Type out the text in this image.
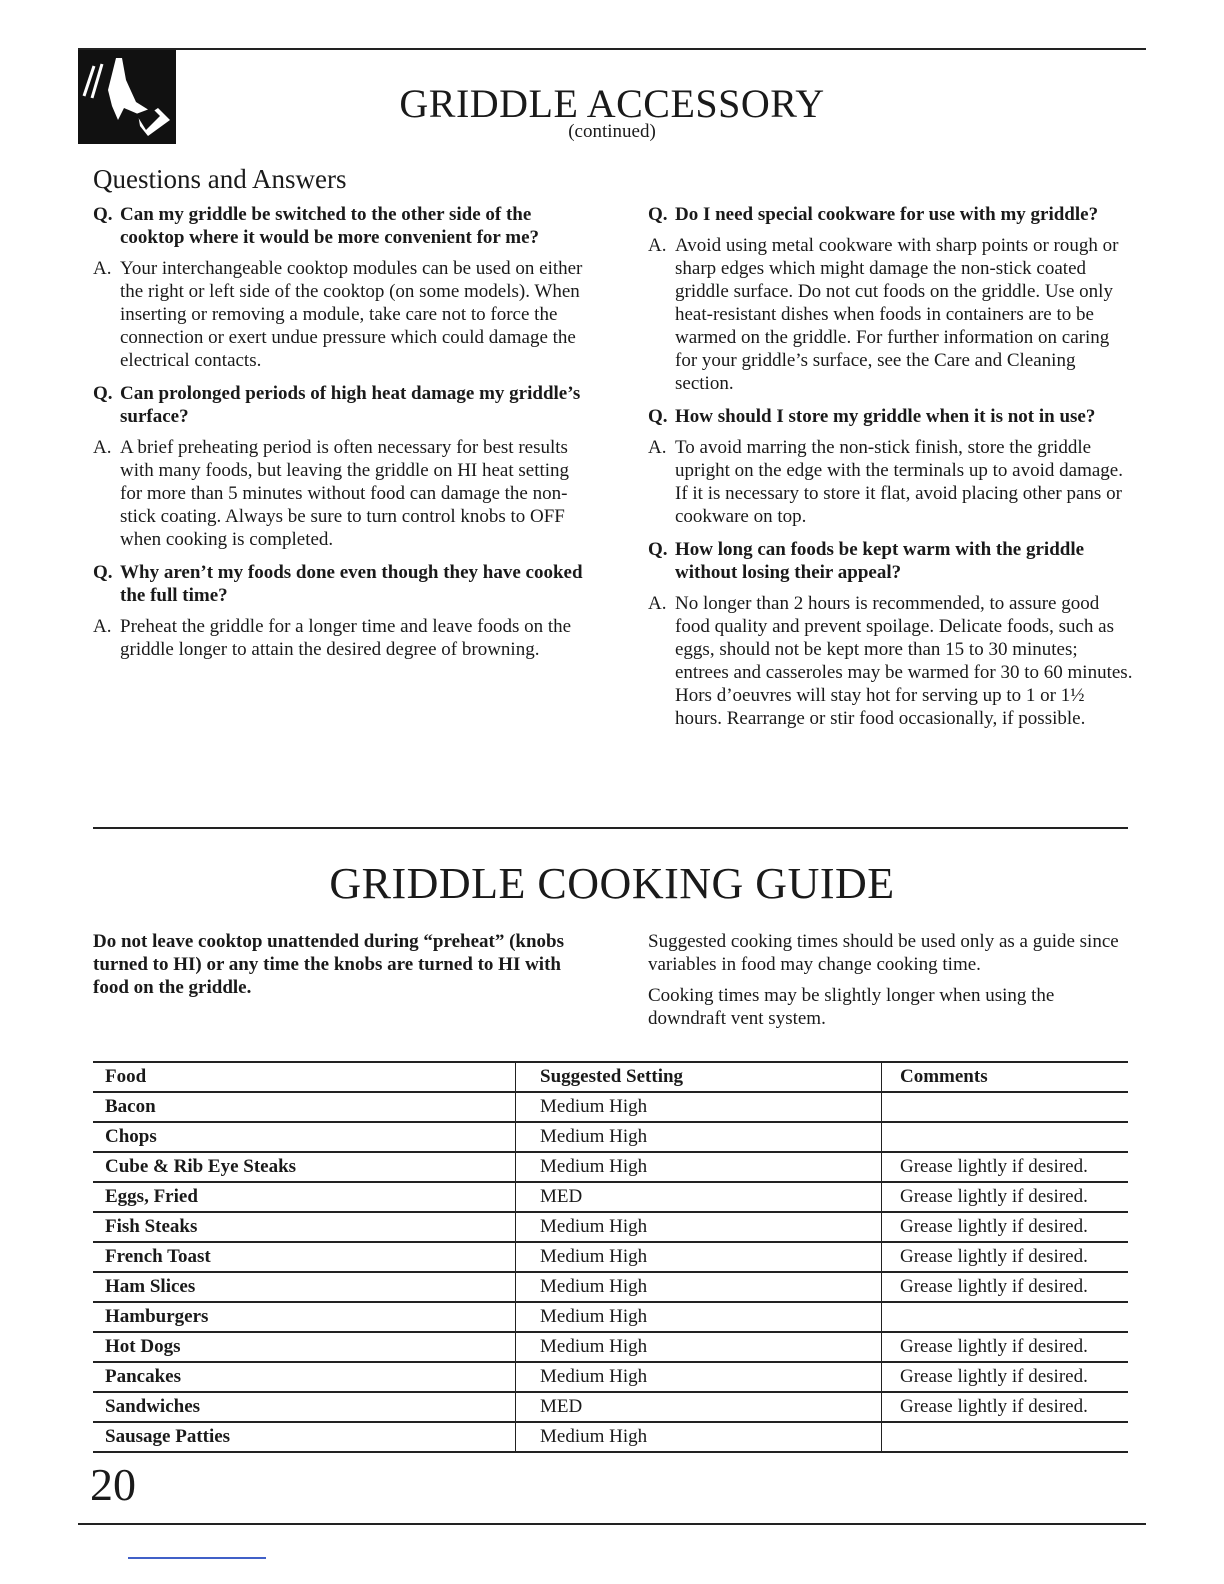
GRIDDLE ACCESSORY
(continued)
Questions and Answers
Q. Can my griddle be switched to the other side of the cooktop where it would be more convenient for me?
A. Your interchangeable cooktop modules can be used on either the right or left side of the cooktop (on some models). When inserting or removing a module, take care not to force the connection or exert undue pressure which could damage the electrical contacts.
Q. Can prolonged periods of high heat damage my griddle’s surface?
A. A brief preheating period is often necessary for best results with many foods, but leaving the griddle on HI heat setting for more than 5 minutes without food can damage the non-stick coating. Always be sure to turn control knobs to OFF when cooking is completed.
Q. Why aren’t my foods done even though they have cooked the full time?
A. Preheat the griddle for a longer time and leave foods on the griddle longer to attain the desired degree of browning.
Q. Do I need special cookware for use with my griddle?
A. Avoid using metal cookware with sharp points or rough or sharp edges which might damage the non-stick coated griddle surface. Do not cut foods on the griddle. Use only heat-resistant dishes when foods in containers are to be warmed on the griddle. For further information on caring for your griddle’s surface, see the Care and Cleaning section.
Q. How should I store my griddle when it is not in use?
A. To avoid marring the non-stick finish, store the griddle upright on the edge with the terminals up to avoid damage. If it is necessary to store it flat, avoid placing other pans or cookware on top.
Q. How long can foods be kept warm with the griddle without losing their appeal?
A. No longer than 2 hours is recommended, to assure good food quality and prevent spoilage. Delicate foods, such as eggs, should not be kept more than 15 to 30 minutes; entrees and casseroles may be warmed for 30 to 60 minutes. Hors d’oeuvres will stay hot for serving up to 1 or 1½ hours. Rearrange or stir food occasionally, if possible.
GRIDDLE COOKING GUIDE
Do not leave cooktop unattended during “preheat” (knobs turned to HI) or any time the knobs are turned to HI with food on the griddle.

Suggested cooking times should be used only as a guide since variables in food may change cooking time.

Cooking times may be slightly longer when using the downdraft vent system.

Food	Suggested Setting	Comments
Bacon	Medium High	
Chops	Medium High	
Cube & Rib Eye Steaks	Medium High	Grease lightly if desired.
Eggs, Fried	MED	Grease lightly if desired.
Fish Steaks	Medium High	Grease lightly if desired.
French Toast	Medium High	Grease lightly if desired.
Ham Slices	Medium High	Grease lightly if desired.
Hamburgers	Medium High	
Hot Dogs	Medium High	Grease lightly if desired.
Pancakes	Medium High	Grease lightly if desired.
Sandwiches	MED	Grease lightly if desired.
Sausage Patties	Medium High	
20
